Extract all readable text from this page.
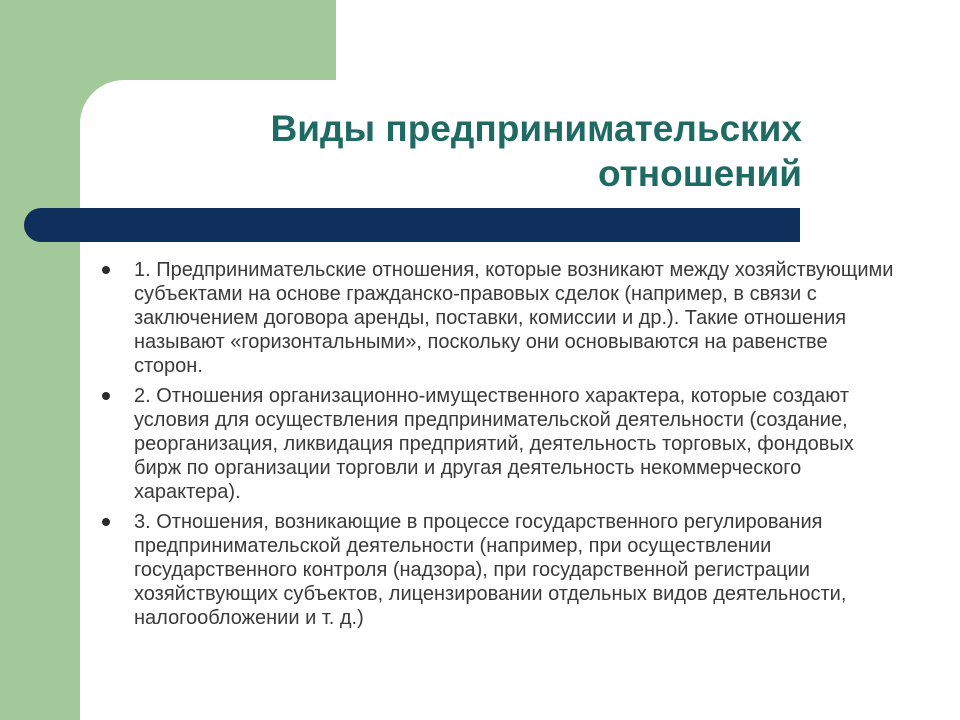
Виды предпринимательских отношений
1. Предпринимательские отношения, которые возникают между хозяйствующими субъектами на основе гражданско-правовых сделок (например, в связи с заключением договора аренды, поставки, комиссии и др.). Такие отношения называют «горизонтальными», поскольку они основываются на равенстве сторон.
2. Отношения организационно-имущественного характера, которые создают условия для осуществления предпринимательской деятельности (создание, реорганизация, ликвидация предприятий, деятельность торговых, фондовых бирж по организации торговли и другая деятельность некоммерческого характера).
3. Отношения, возникающие в процессе государственного регулирования предпринимательской деятельности (например, при осуществлении государственного контроля (надзора), при государственной регистрации хозяйствующих субъектов, лицензировании отдельных видов деятельности, налогообложении и т. д.)
